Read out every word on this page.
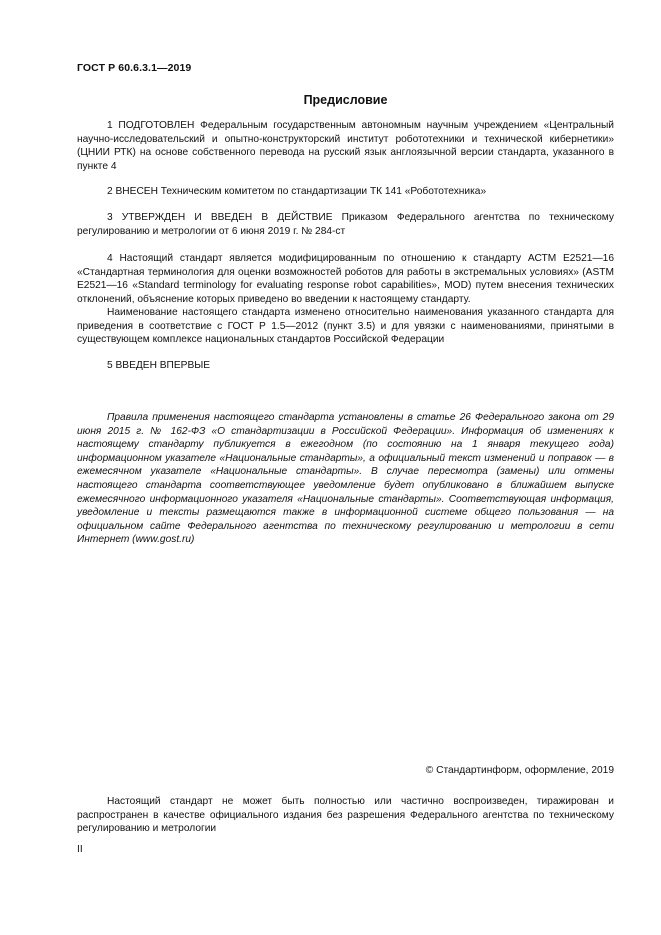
ГОСТ Р 60.6.3.1—2019
Предисловие

1 ПОДГОТОВЛЕН Федеральным государственным автономным научным учреждением «Центральный научно-исследовательский и опытно-конструкторский институт робототехники и технической кибернетики» (ЦНИИ РТК) на основе собственного перевода на русский язык англоязычной версии стандарта, указанного в пункте 4

2 ВНЕСЕН Техническим комитетом по стандартизации ТК 141 «Робототехника»

3 УТВЕРЖДЕН И ВВЕДЕН В ДЕЙСТВИЕ Приказом Федерального агентства по техническому регулированию и метрологии от 6 июня 2019 г. № 284-ст

4 Настоящий стандарт является модифицированным по отношению к стандарту АСТМ Е2521—16 «Стандартная терминология для оценки возможностей роботов для работы в экстремальных условиях» (ASTM E2521—16 «Standard terminology for evaluating response robot capabilities», MOD) путем внесения технических отклонений, объяснение которых приведено во введении к настоящему стандарту.

Наименование настоящего стандарта изменено относительно наименования указанного стандарта для приведения в соответствие с ГОСТ Р 1.5—2012 (пункт 3.5) и для увязки с наименованиями, принятыми в существующем комплексе национальных стандартов Российской Федерации

5 ВВЕДЕН ВПЕРВЫЕ

Правила применения настоящего стандарта установлены в статье 26 Федерального закона от 29 июня 2015 г. № 162-ФЗ «О стандартизации в Российской Федерации». Информация об изменениях к настоящему стандарту публикуется в ежегодном (по состоянию на 1 января текущего года) информационном указателе «Национальные стандарты», а официальный текст изменений и поправок — в ежемесячном указателе «Национальные стандарты». В случае пересмотра (замены) или отмены настоящего стандарта соответствующее уведомление будет опубликовано в ближайшем выпуске ежемесячного информационного указателя «Национальные стандарты». Соответствующая информация, уведомление и тексты размещаются также в информационной системе общего пользования — на официальном сайте Федерального агентства по техническому регулированию и метрологии в сети Интернет (www.gost.ru)

© Стандартинформ, оформление, 2019

Настоящий стандарт не может быть полностью или частично воспроизведен, тиражирован и распространен в качестве официального издания без разрешения Федерального агентства по техническому регулированию и метрологии

II
